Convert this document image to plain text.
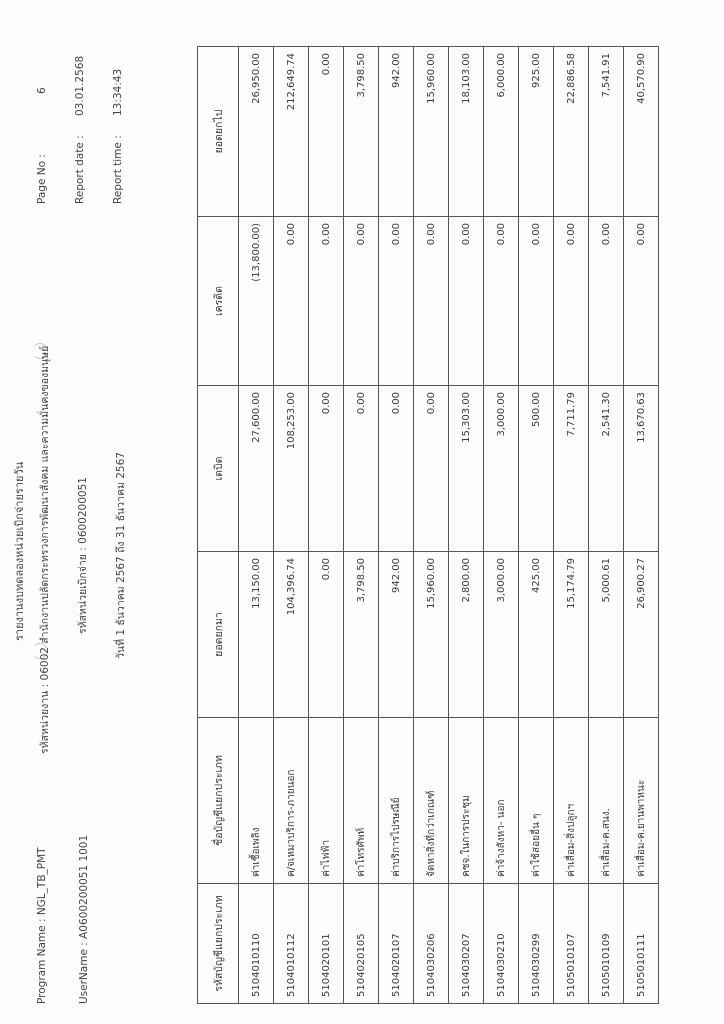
รายงานงบทดลองหน่วยเบิกจ่ายรายวัน
Program Name : NGL_TB_PMT
รหัสหน่วยงาน : 06002 สำนักงานปลัดกระทรวงการพัฒนาสังคม และความมั่นคงของมนุษย์
Page No :
6
UserName : A0600200051 1001
รหัสหน่วยเบิกจ่าย : 0600200051
Report date :
03.01.2568
วันที่ 1 ธันวาคม 2567 ถึง 31 ธันวาคม 2567
Report time :
13:34:43
รหัสบัญชีแยกประเภท	ชื่อบัญชีแยกประเภท	ยอดยกมา	เดบิต	เครดิต	ยอดยกไป
5104010110	ค่าเชื้อเพลิง	13,150.00	27,600.00	(13,800.00)	26,950.00
5104010112	ค/จเหมาบริการ-ภายนอก	104,396.74	108,253.00	0.00	212,649.74
5104020101	ค่าไฟฟ้า	0.00	0.00	0.00	0.00
5104020105	ค่าโทรศัพท์	3,798.50	0.00	0.00	3,798.50
5104020107	ค่าบริการไปรษณีย์	942.00	0.00	0.00	942.00
5104030206	จัดหาสิ่งที่กว่าเกณฑ์	15,960.00	0.00	0.00	15,960.00
5104030207	คชจ.ในการประชุม	2,800.00	15,303.00	0.00	18,103.00
5104030210	ค่าจ้างสังหา- นอก	3,000.00	3,000.00	0.00	6,000.00
5104030299	ค่าใช้สอยอื่น ๆ	425.00	500.00	0.00	925.00
5105010107	ค่าเสื่อม-สิ่งปลูกฯ	15,174.79	7,711.79	0.00	22,886.58
5105010109	ค่าเสื่อม-ค.สนง.	5,000.61	2,541.30	0.00	7,541.91
5105010111	ค่าเสื่อม-ค.ยานพาหนะ	26,900.27	13,670.63	0.00	40,570.90
